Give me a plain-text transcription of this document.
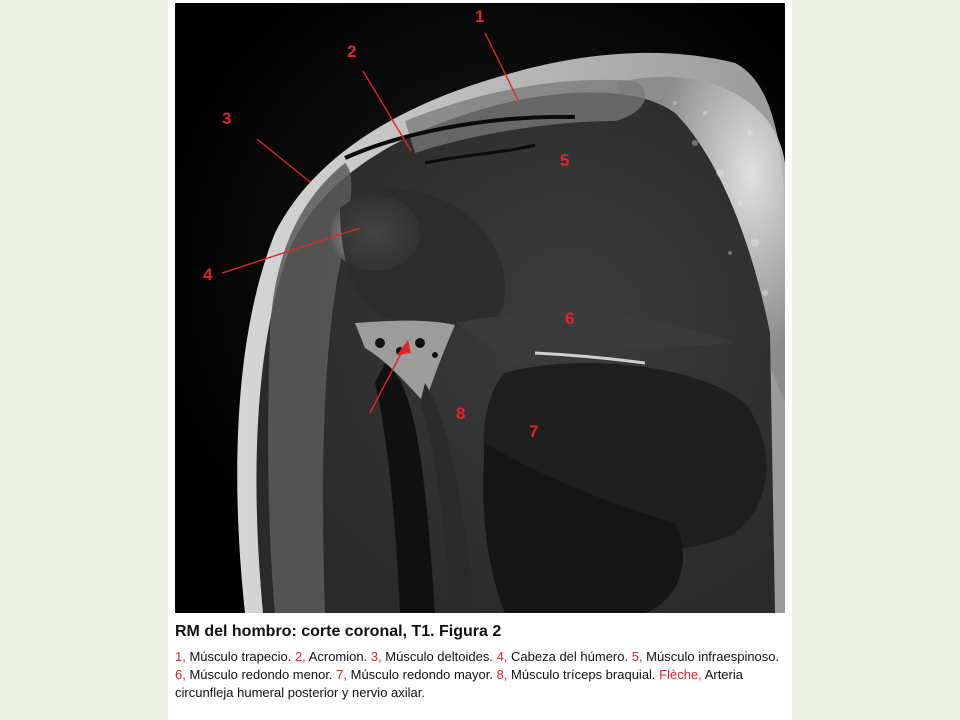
1
2
3
4
5
6
7
8

RM del hombro: corte coronal, T1. Figura 2

1, Músculo trapecio. 2, Acromion. 3, Músculo deltoides. 4, Cabeza del húmero. 5, Músculo infraespinoso. 6, Músculo redondo menor. 7, Músculo redondo mayor. 8, Músculo tríceps braquial. Flèche, Arteria circunfleja humeral posterior y nervio axilar.
